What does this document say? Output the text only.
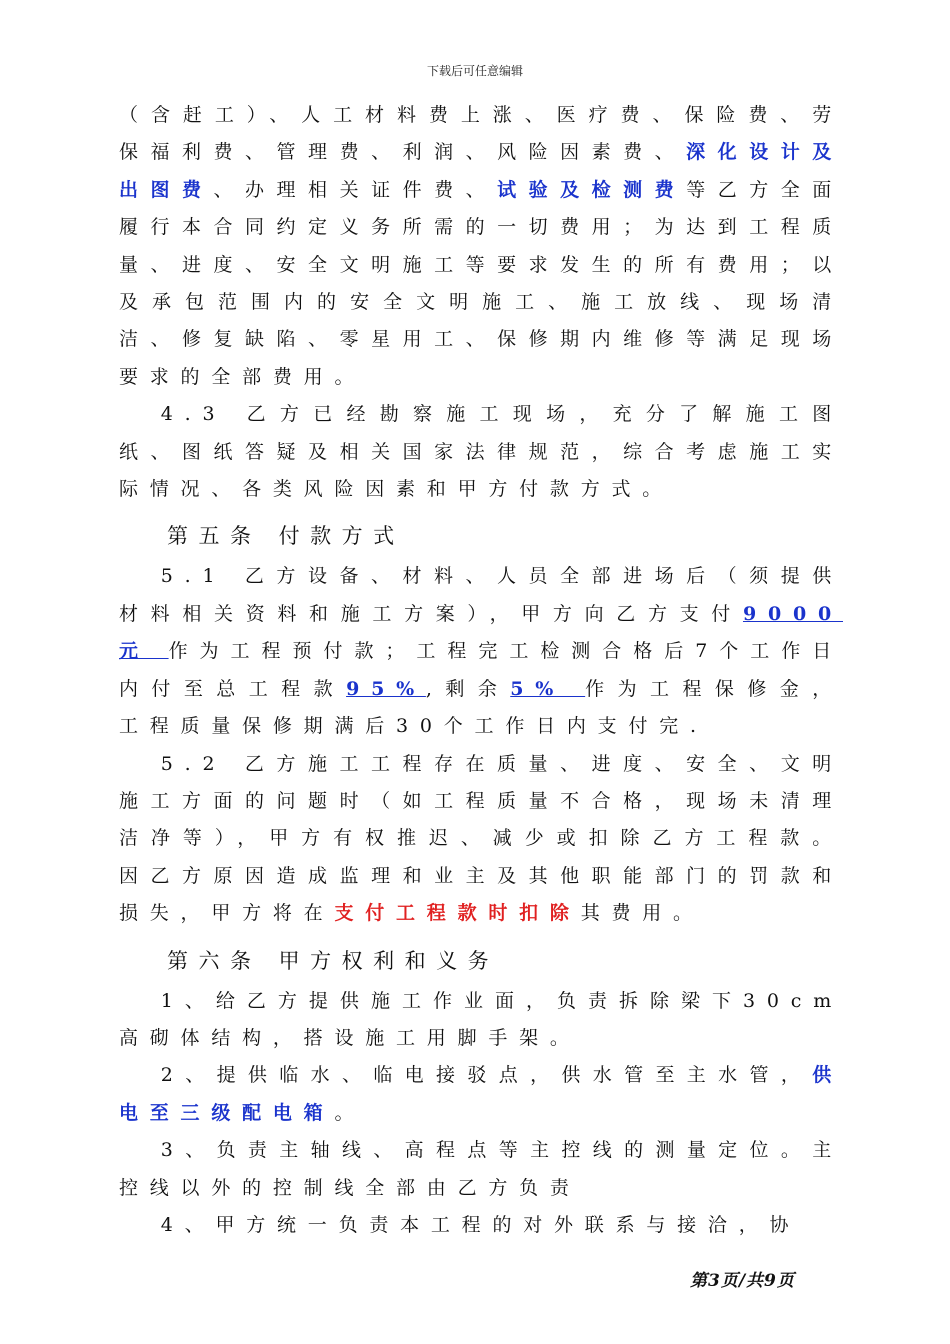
下载后可任意编辑

（含赶工）、人工材料费上涨、医疗费、保险费、劳保福利费、管理费、利润、风险因素费、深化设计及出图费、办理相关证件费、试验及检测费等乙方全面履行本合同约定义务所需的一切费用；为达到工程质量、进度、安全文明施工等要求发生的所有费用；以及承包范围内的安全文明施工、施工放线、现场清洁、修复缺陷、零星用工、保修期内维修等满足现场要求的全部费用。

4.3 乙方已经勘察施工现场，充分了解施工图纸、图纸答疑及相关国家法律规范，综合考虑施工实际情况、各类风险因素和甲方付款方式。

第五条 付款方式

5.1 乙方设备、材料、人员全部进场后（须提供材料相关资料和施工方案），甲方向乙方支付9000 元 作为工程预付款；工程完工检测合格后7个工作日内付至总工程款95%,剩余5% 作为工程保修金，工程质量保修期满后30个工作日内支付完.

5.2 乙方施工工程存在质量、进度、安全、文明施工方面的问题时（如工程质量不合格，现场未清理洁净等），甲方有权推迟、减少或扣除乙方工程款。因乙方原因造成监理和业主及其他职能部门的罚款和损失，甲方将在支付工程款时扣除其费用。

第六条 甲方权利和义务

1、给乙方提供施工作业面，负责拆除梁下30cm高砌体结构，搭设施工用脚手架。

2、提供临水、临电接驳点，供水管至主水管，供电至三级配电箱。

3、负责主轴线、高程点等主控线的测量定位。主控线以外的控制线全部由乙方负责

4、甲方统一负责本工程的对外联系与接洽，协

第3页/共9页
